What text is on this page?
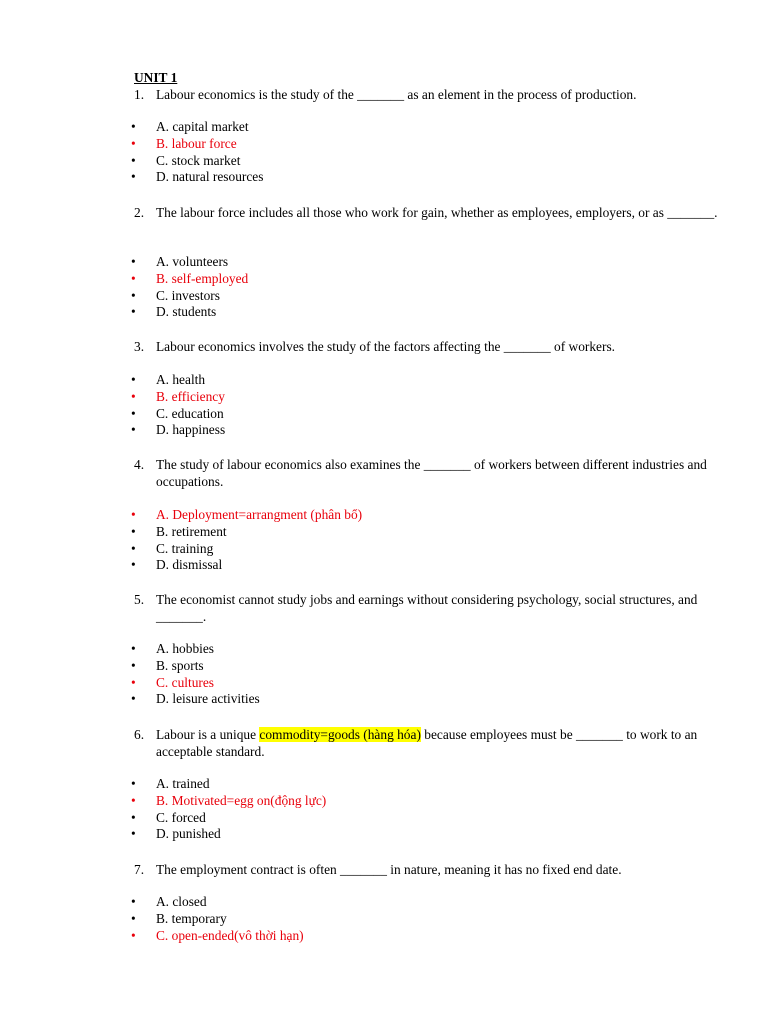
UNIT 1
1. Labour economics is the study of the _______ as an element in the process of production.
• A. capital market
• B. labour force
• C. stock market
• D. natural resources
2. The labour force includes all those who work for gain, whether as employees, employers, or as _______.
• A. volunteers
• B. self-employed
• C. investors
• D. students
3. Labour economics involves the study of the factors affecting the _______ of workers.
• A. health
• B. efficiency
• C. education
• D. happiness
4. The study of labour economics also examines the _______ of workers between different industries and occupations.
• A. Deployment=arrangment (phân bổ)
• B. retirement
• C. training
• D. dismissal
5. The economist cannot study jobs and earnings without considering psychology, social structures, and _______.
• A. hobbies
• B. sports
• C. cultures
• D. leisure activities
6. Labour is a unique commodity=goods (hàng hóa) because employees must be _______ to work to an acceptable standard.
• A. trained
• B. Motivated=egg on(động lực)
• C. forced
• D. punished
7. The employment contract is often _______ in nature, meaning it has no fixed end date.
• A. closed
• B. temporary
• C. open-ended(vô thời hạn)
